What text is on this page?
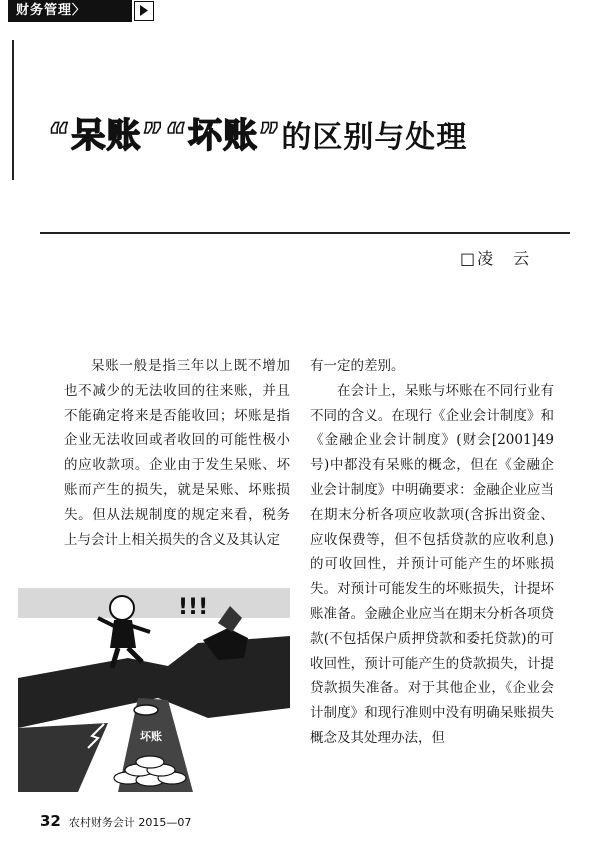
财务管理〉
“呆账”“坏账”的区别与处理
□凌　云

呆账一般是指三年以上既不增加也不减少的无法收回的往来账，并且不能确定将来是否能收回；坏账是指企业无法收回或者收回的可能性极小的应收款项。企业由于发生呆账、坏账而产生的损失，就是呆账、坏账损失。但从法规制度的规定来看，税务上与会计上相关损失的含义及其认定

有一定的差别。

在会计上，呆账与坏账在不同行业有不同的含义。在现行《企业会计制度》和《金融企业会计制度》(财会[2001]49号)中都没有呆账的概念，但在《金融企业会计制度》中明确要求：金融企业应当在期末分析各项应收款项(含拆出资金、应收保费等，但不包括贷款的应收利息)的可收回性，并预计可能产生的坏账损失。对预计可能发生的坏账损失，计提坏账准备。金融企业应当在期末分析各项贷款(不包括保户质押贷款和委托贷款)的可收回性，预计可能产生的贷款损失，计提贷款损失准备。对于其他企业，《企业会计制度》和现行准则中没有明确呆账损失概念及其处理办法，但

!!!
坏账
32 农村财务会计 2015—07
